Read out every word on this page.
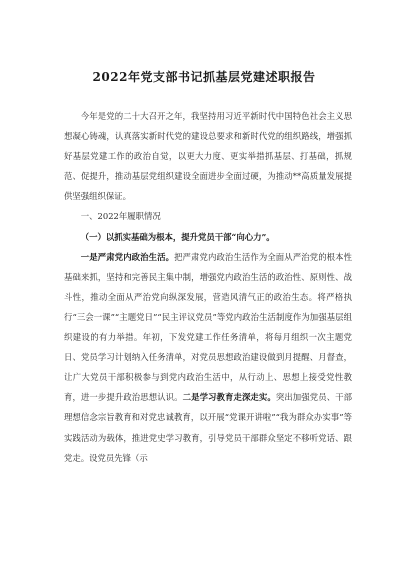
2022年党支部书记抓基层党建述职报告

今年是党的二十大召开之年，我坚持用习近平新时代中国特色社会主义思想凝心铸魂，认真落实新时代党的建设总要求和新时代党的组织路线，增强抓好基层党建工作的政治自觉，以更大力度、更实举措抓基层、打基础，抓规范、促提升，推动基层党组织建设全面进步全面过硬，为推动**高质量发展提供坚强组织保证。

一、2022年履职情况

（一）以抓实基础为根本，提升党员干部“向心力”。

一是严肃党内政治生活。把严肃党内政治生活作为全面从严治党的根本性基础来抓，坚持和完善民主集中制，增强党内政治生活的政治性、原则性、战斗性，推动全面从严治党向纵深发展，营造风清气正的政治生态。将严格执行“三会一课”“主题党日”“民主评议党员”等党内政治生活制度作为加强基层组织建设的有力举措。年初，下发党建工作任务清单，将每月组织一次主题党日、党员学习计划纳入任务清单，对党员思想政治建设做到月提醒、月督查，让广大党员干部积极参与到党内政治生活中，从行动上、思想上接受党性教育，进一步提升政治思想认识。二是学习教育走深走实。突出加强党员、干部理想信念宗旨教育和对党忠诚教育，以开展“党课开讲啦”“我为群众办实事”等实践活动为载体，推进党史学习教育，引导党员干部群众坚定不移听党话、跟党走。设党员先锋（示
